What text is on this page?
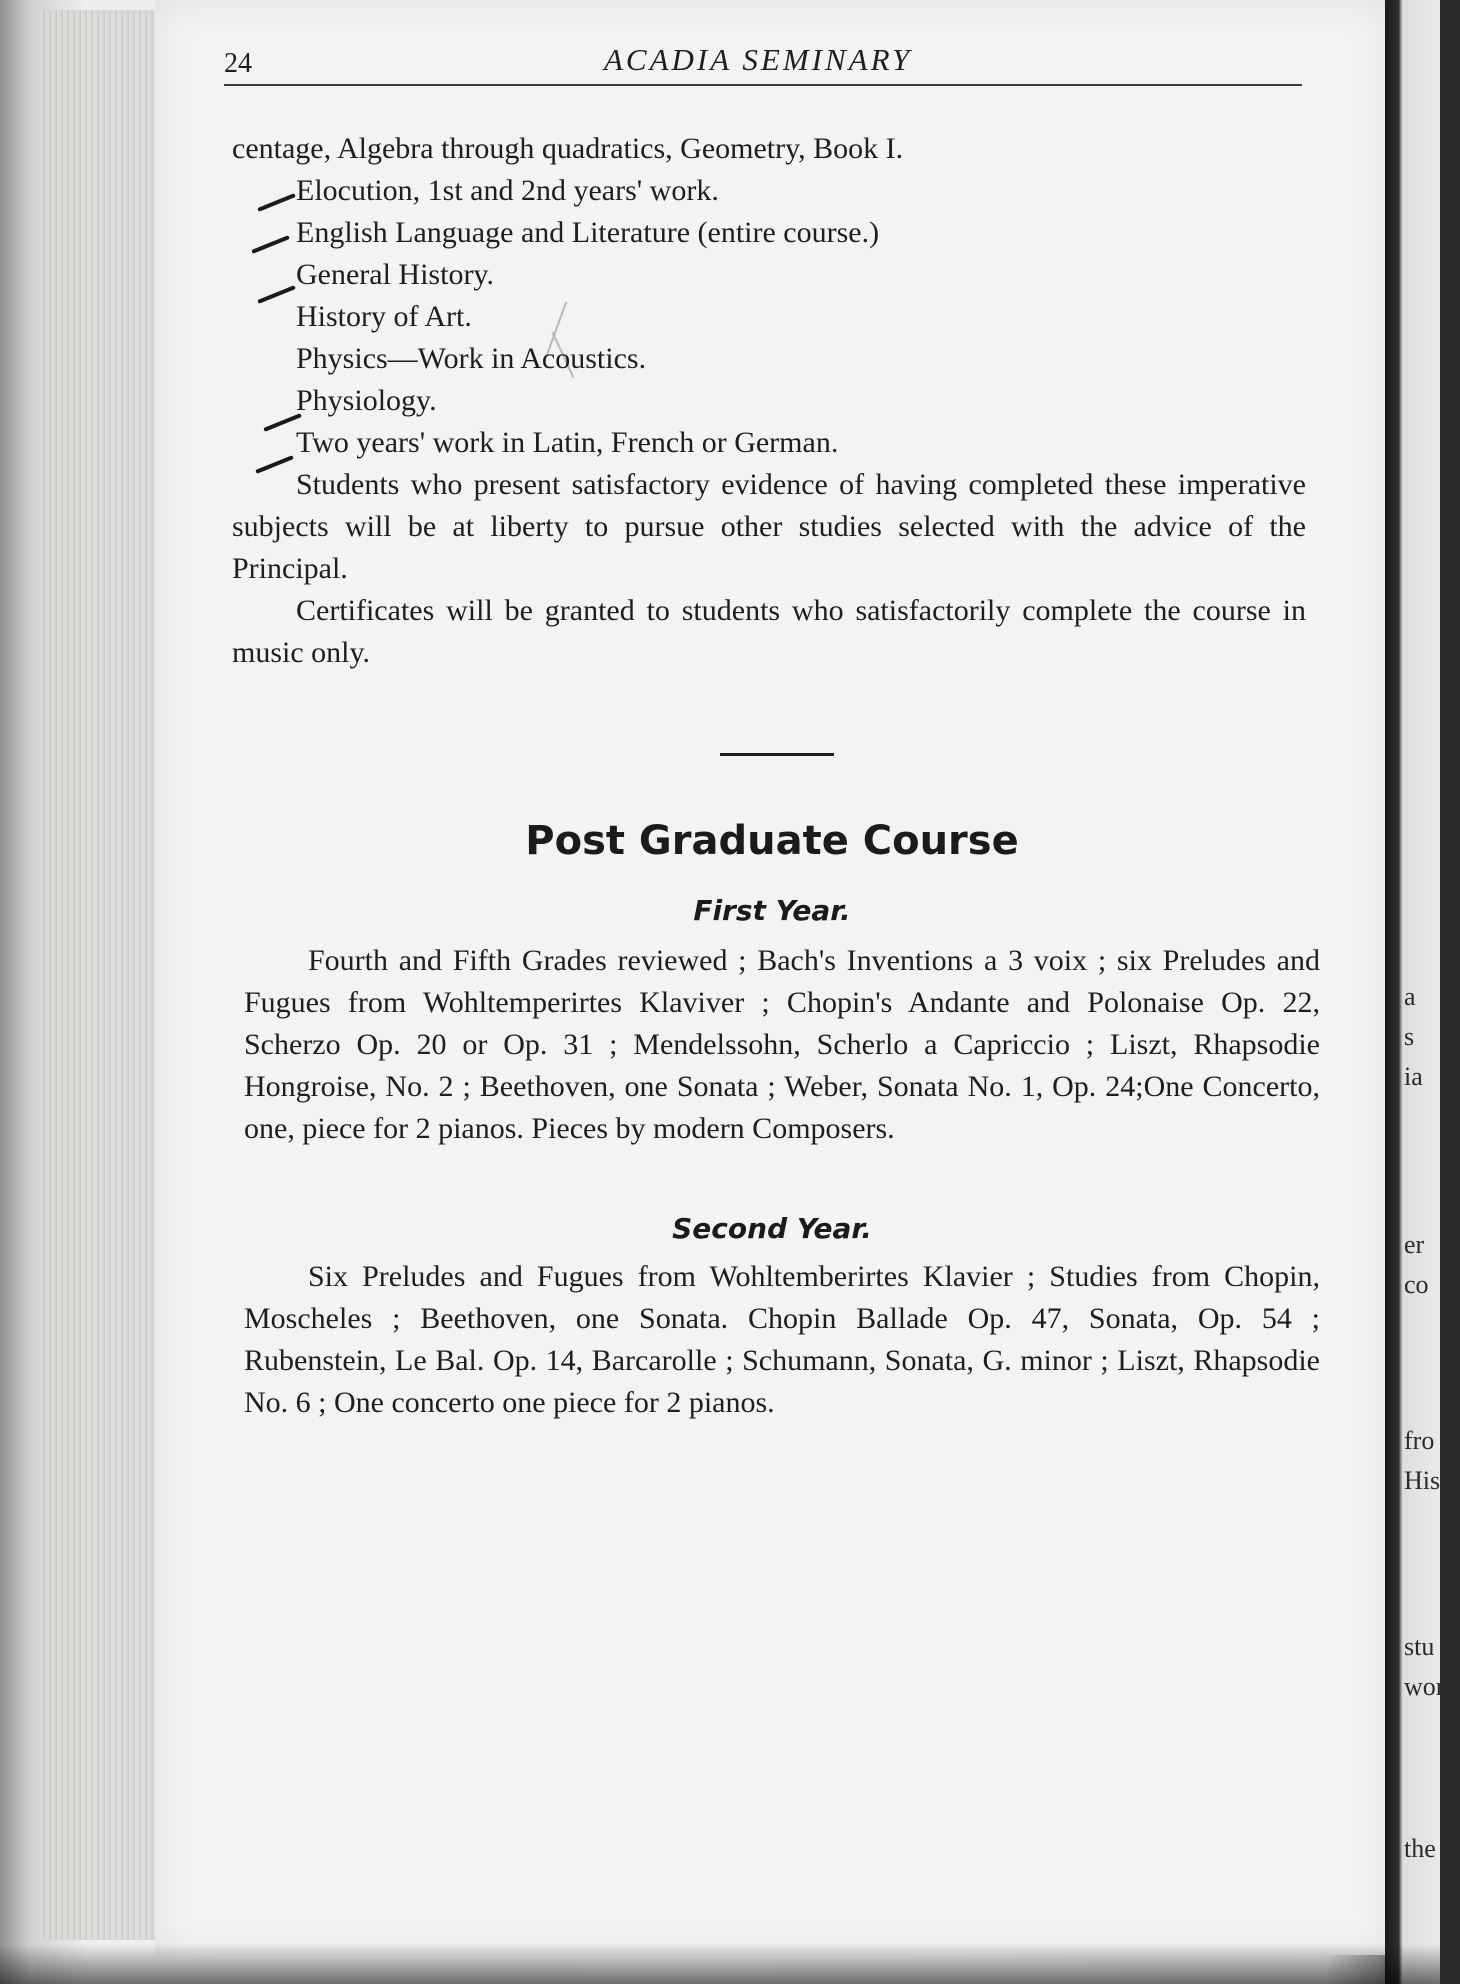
a
s
ia
er
co
fro
His
stu
wor
the C
24	ACADIA SEMINARY
centage, Algebra through quadratics, Geometry, Book I.
Elocution, 1st and 2nd years' work.
English Language and Literature (entire course.)
General History.
History of Art.
Physics—Work in Acoustics.
Physiology.
Two years' work in Latin, French or German.
Students who present satisfactory evidence of having completed these imperative subjects will be at liberty to pursue other studies selected with the advice of the Principal.
Certificates will be granted to students who satisfactorily complete the course in music only.
Post Graduate Course
First Year.
Fourth and Fifth Grades reviewed ; Bach's Inventions a 3 voix ; six Preludes and Fugues from Wohltemperirtes Klaviver ; Chopin's Andante and Polonaise Op. 22, Scherzo Op. 20 or Op. 31 ; Mendelssohn, Scherlo a Capriccio ; Liszt, Rhapsodie Hongroise, No. 2 ; Beethoven, one Sonata ; Weber, Sonata No. 1, Op. 24;One Concerto, one, piece for 2 pianos. Pieces by modern Composers.
Second Year.
Six Preludes and Fugues from Wohltemberirtes Klavier ; Studies from Chopin, Moscheles ; Beethoven, one Sonata. Chopin Ballade Op. 47, Sonata, Op. 54 ; Rubenstein, Le Bal. Op. 14, Barcarolle ; Schumann, Sonata, G. minor ; Liszt, Rhapsodie No. 6 ; One concerto one piece for 2 pianos.
